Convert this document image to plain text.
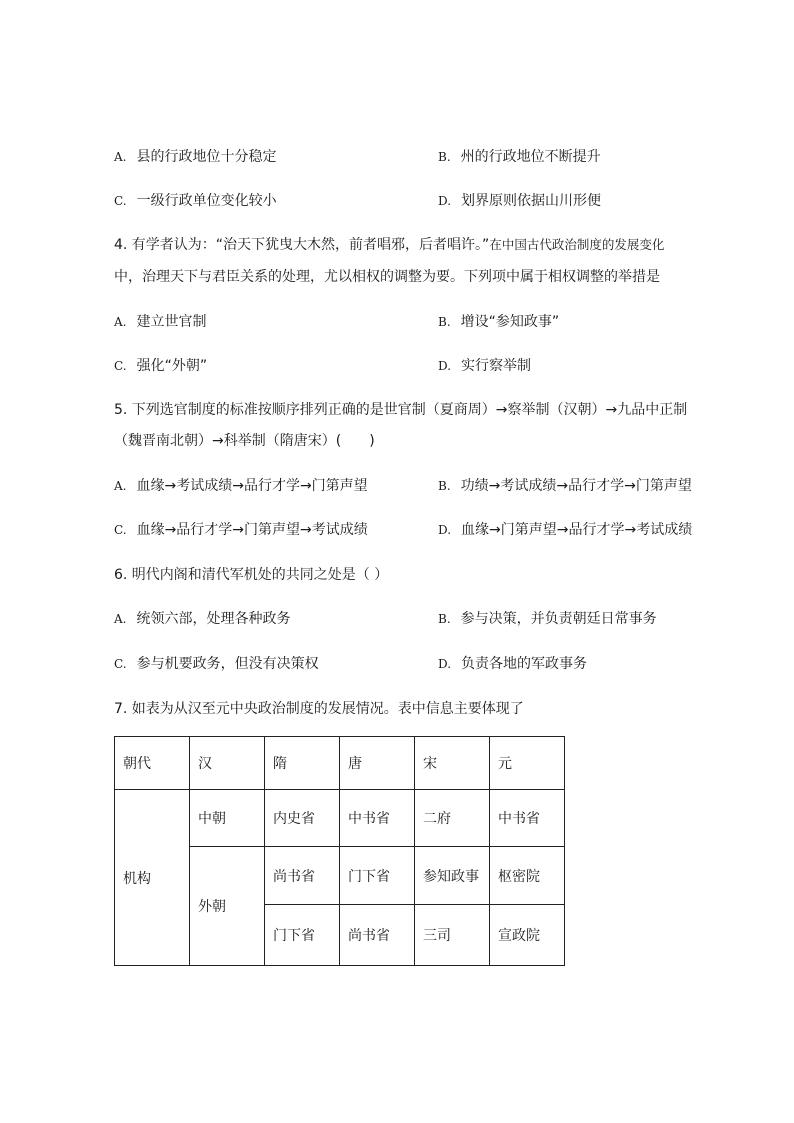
A. 县的行政地位十分稳定	B. 州的行政地位不断提升
C. 一级行政单位变化较小	D. 划界原则依据山川形便
4. 有学者认为：“治天下犹曳大木然，前者唱邪，后者唱许。”在中国古代政治制度的发展变化
中，治理天下与君臣关系的处理，尤以相权的调整为要。下列项中属于相权调整的举措是
A. 建立世官制	B. 增设“参知政事”
C. 强化“外朝”	D. 实行察举制
5. 下列选官制度的标准按顺序排列正确的是世官制（夏商周）→察举制（汉朝）→九品中正制
（魏晋南北朝）→科举制（隋唐宋）(　　)
A. 血缘→考试成绩→品行才学→门第声望	B. 功绩→考试成绩→品行才学→门第声望
C. 血缘→品行才学→门第声望→考试成绩	D. 血缘→门第声望→品行才学→考试成绩
6. 明代内阁和清代军机处的共同之处是（ ）
A. 统领六部，处理各种政务	B. 参与决策，并负责朝廷日常事务
C. 参与机要政务，但没有决策权	D. 负责各地的军政事务
7. 如表为从汉至元中央政治制度的发展情况。表中信息主要体现了
朝代	汉	隋	唐	宋	元
机构	中朝	内史省	中书省	二府	中书省
	外朝	尚书省	门下省	参知政事	枢密院
		门下省	尚书省	三司	宣政院
